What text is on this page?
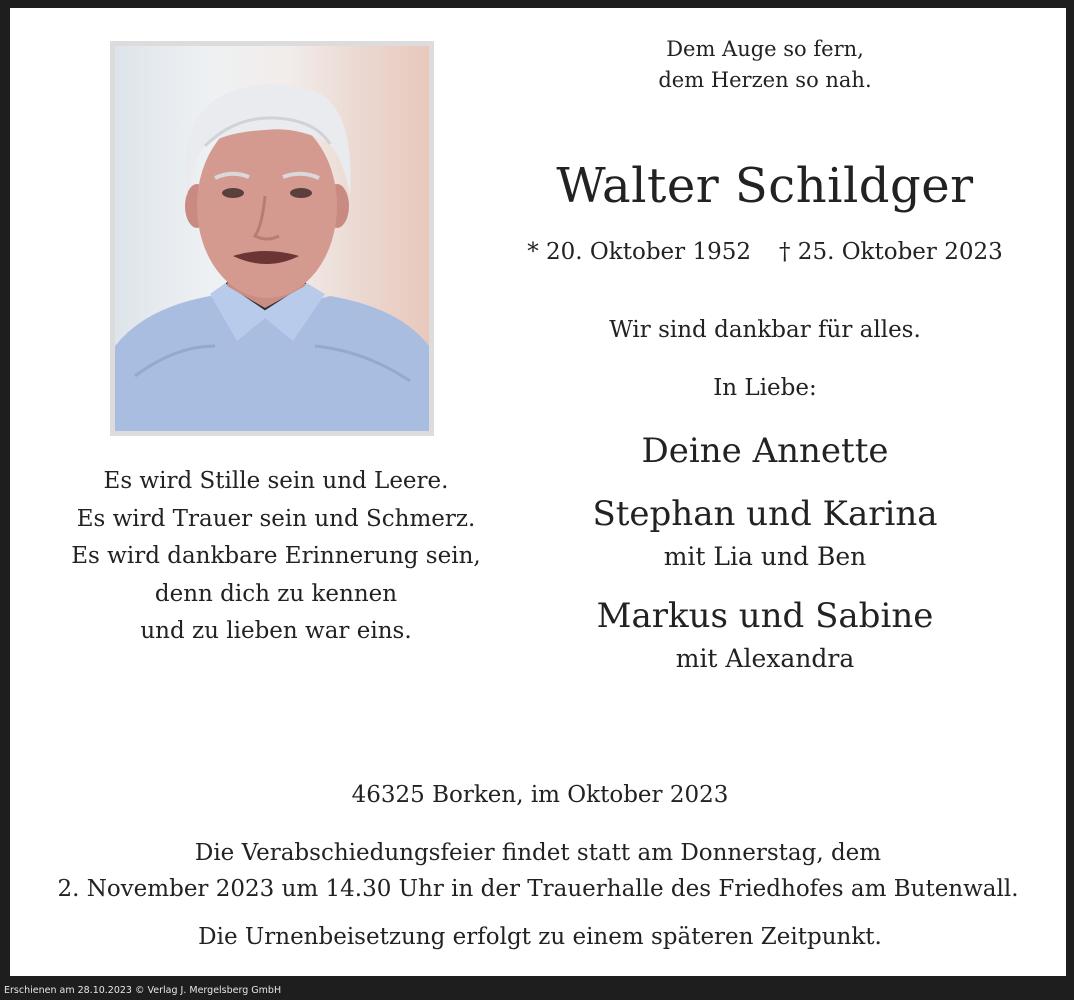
Dem Auge so fern,
dem Herzen so nah.
Walter Schildger
* 20. Oktober 1952 † 25. Oktober 2023
Wir sind dankbar für alles.
In Liebe:
Deine Annette
Stephan und Karina
mit Lia und Ben
Markus und Sabine
mit Alexandra
Es wird Stille sein und Leere.
Es wird Trauer sein und Schmerz.
Es wird dankbare Erinnerung sein,
denn dich zu kennen
und zu lieben war eins.
46325 Borken, im Oktober 2023
Die Verabschiedungsfeier findet statt am Donnerstag, dem
2. November 2023 um 14.30 Uhr in der Trauerhalle des Friedhofes am Butenwall.
Die Urnenbeisetzung erfolgt zu einem späteren Zeitpunkt.
Erschienen am 28.10.2023 © Verlag J. Mergelsberg GmbH
